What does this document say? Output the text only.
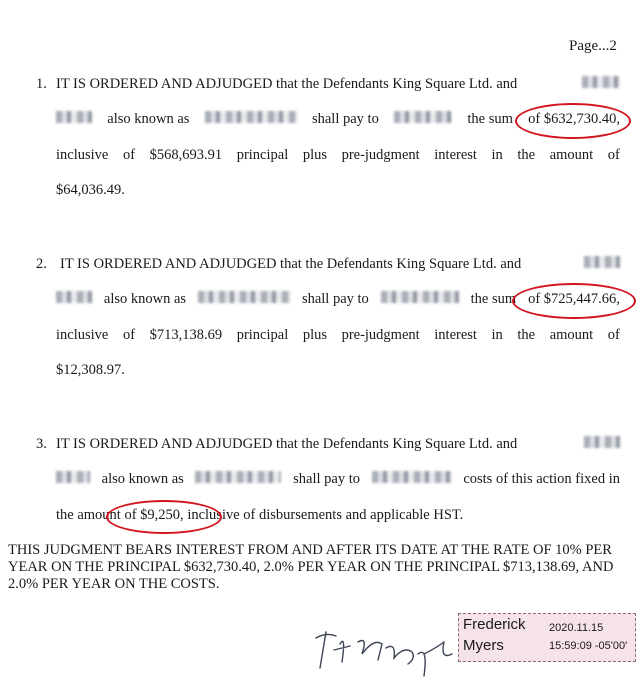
Page...2
1. IT IS ORDERED AND ADJUDGED that the Defendants King Square Ltd. and
also known as	shall pay to	the sum of $632,730.40,
inclusive of $568,693.91 principal plus pre-judgment interest in the amount of
$64,036.49.
2. IT IS ORDERED AND ADJUDGED that the Defendants King Square Ltd. and
also known as	shall pay to	the sum of $725,447.66,
inclusive of $713,138.69 principal plus pre-judgment interest in the amount of
$12,308.97.
3. IT IS ORDERED AND ADJUDGED that the Defendants King Square Ltd. and
also known as	shall pay to	costs of this action fixed in
the amount of $9,250, inclusive of disbursements and applicable HST.
THIS JUDGMENT BEARS INTEREST FROM AND AFTER ITS DATE AT THE RATE OF 10% PER YEAR ON THE PRINCIPAL $632,730.40, 2.0% PER YEAR ON THE PRINCIPAL $713,138.69, AND 2.0% PER YEAR ON THE COSTS.
Frederick
Myers
2020.11.15
15:59:09 -05'00'
